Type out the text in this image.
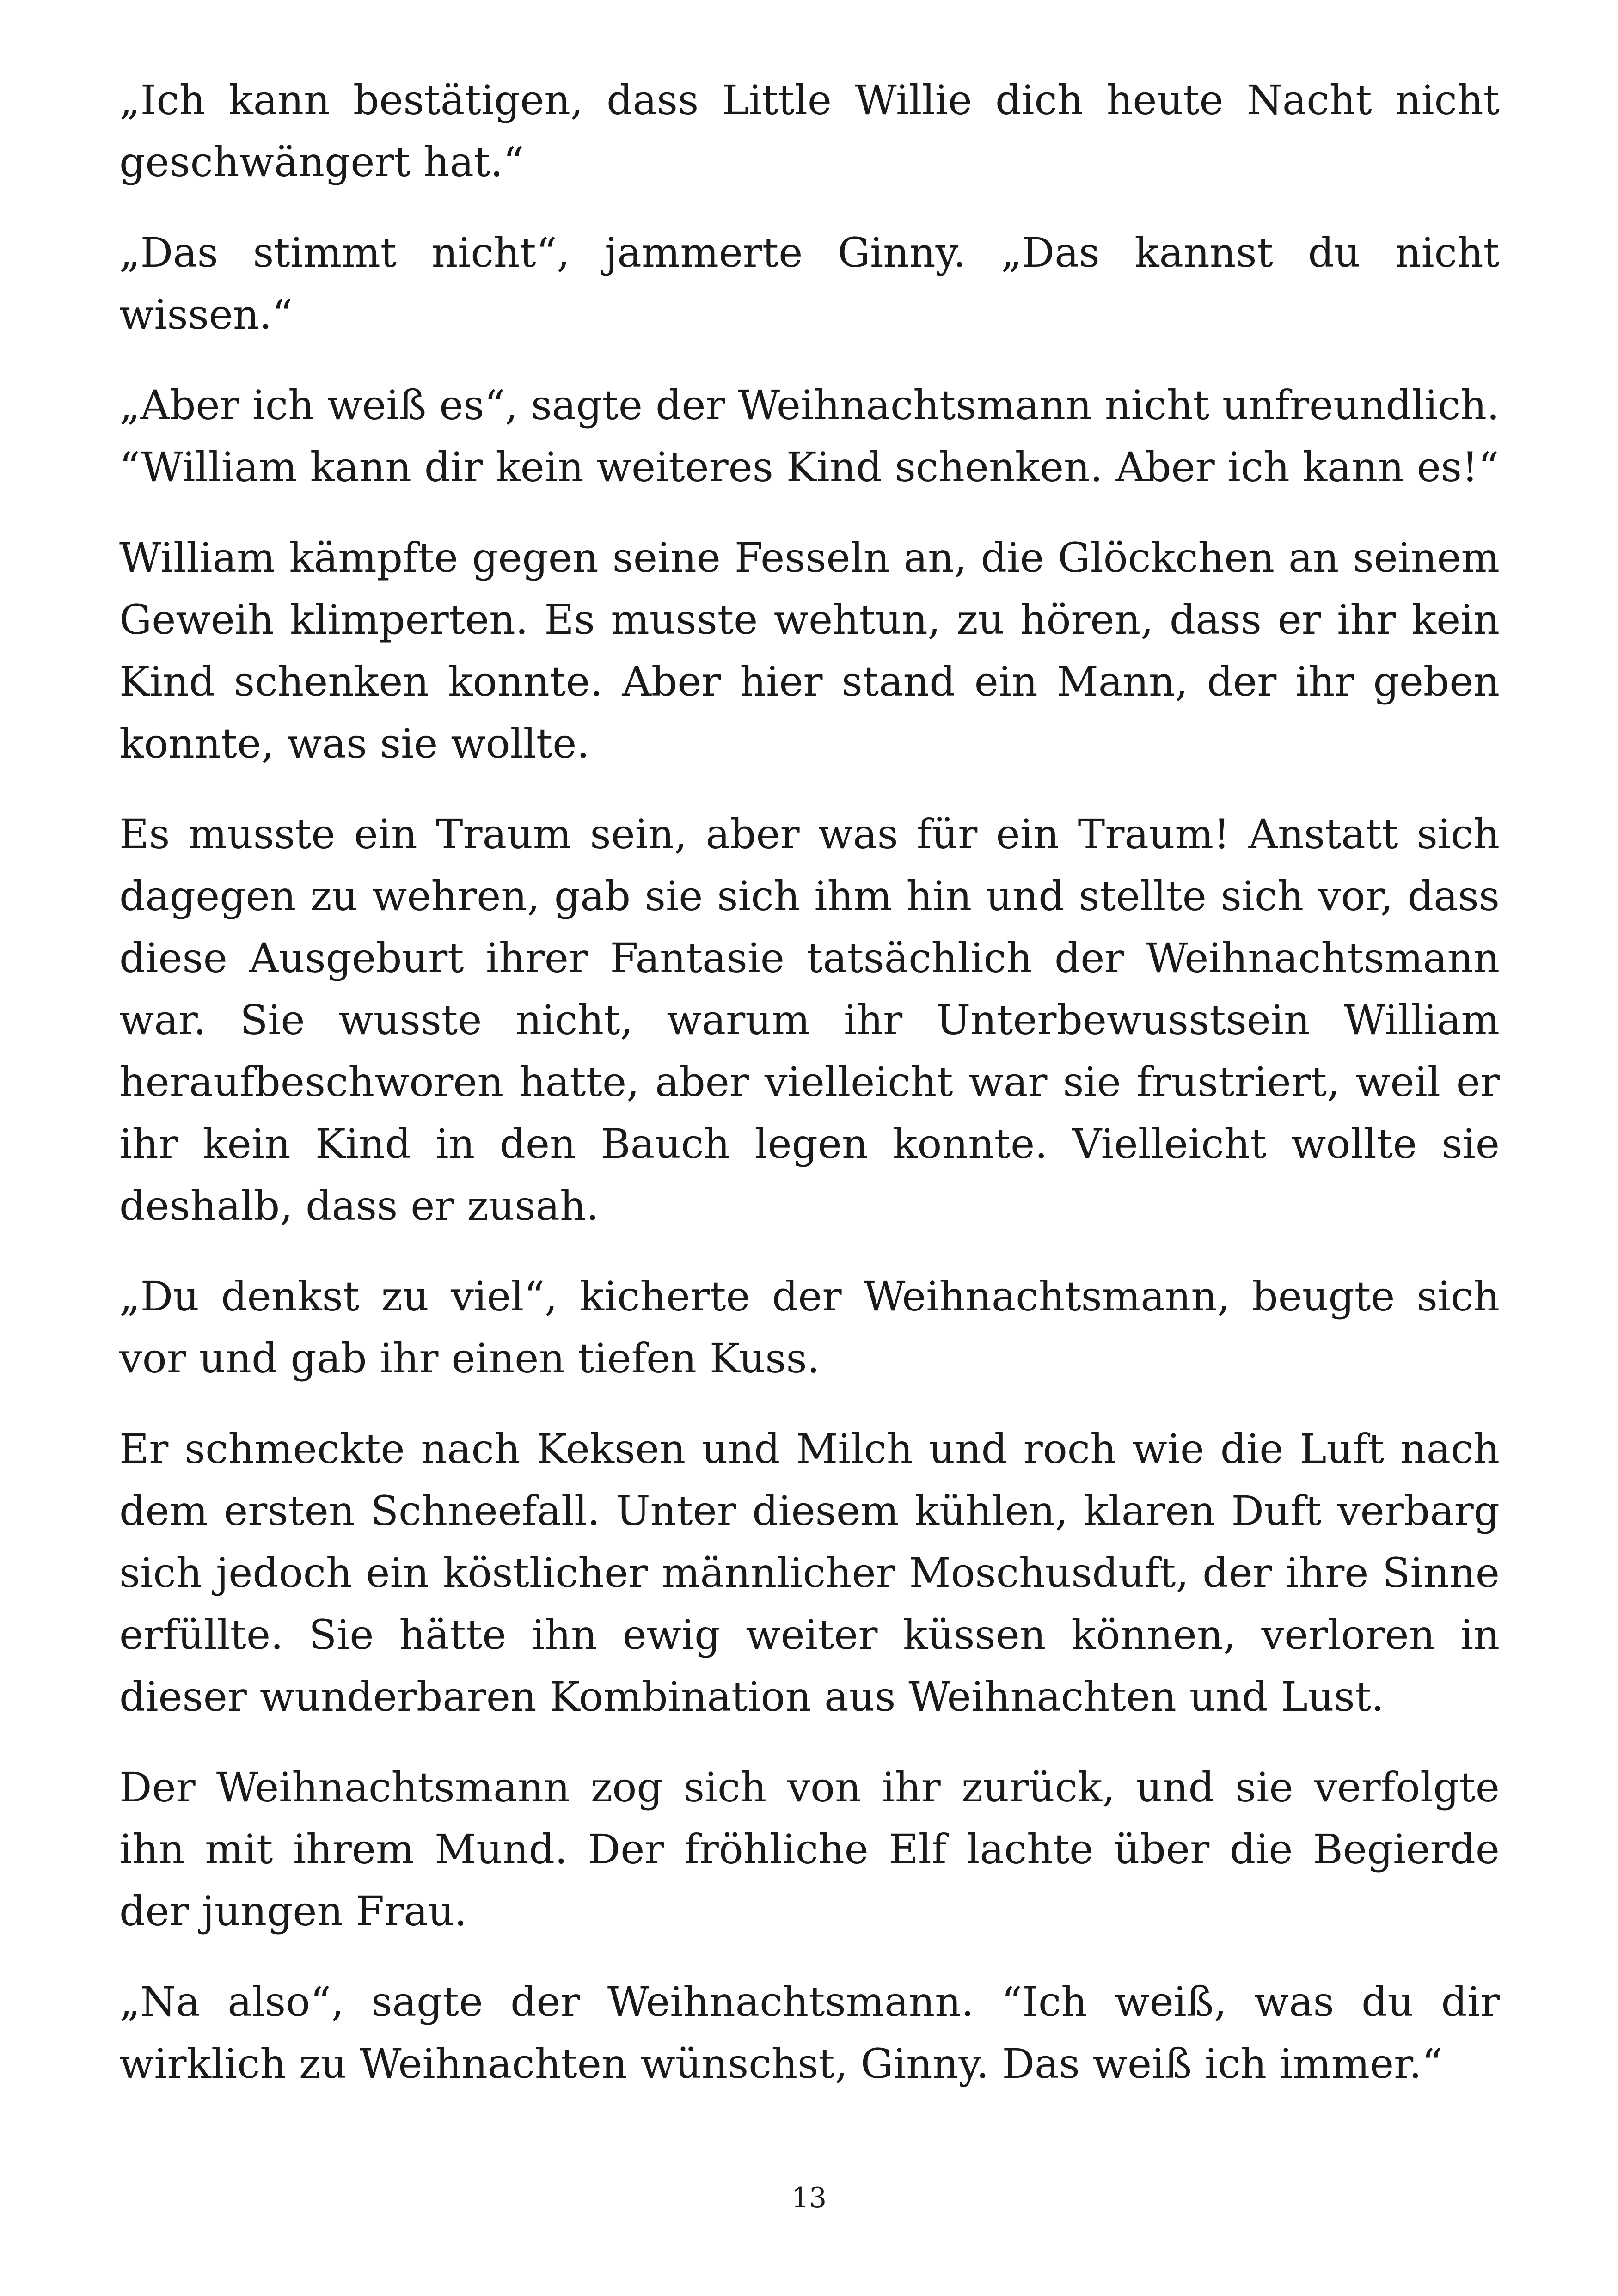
„Ich kann bestätigen, dass Little Willie dich heute Nacht nicht geschwängert hat.“

„Das stimmt nicht“, jammerte Ginny. „Das kannst du nicht wissen.“

„Aber ich weiß es“, sagte der Weihnachtsmann nicht unfreundlich. “William kann dir kein weiteres Kind schenken. Aber ich kann es!“

William kämpfte gegen seine Fesseln an, die Glöckchen an seinem Geweih klimperten. Es musste wehtun, zu hören, dass er ihr kein Kind schenken konnte. Aber hier stand ein Mann, der ihr geben konnte, was sie wollte.

Es musste ein Traum sein, aber was für ein Traum! Anstatt sich dagegen zu wehren, gab sie sich ihm hin und stellte sich vor, dass diese Ausgeburt ihrer Fantasie tatsächlich der Weihnachtsmann war. Sie wusste nicht, warum ihr Unterbewusstsein William heraufbeschworen hatte, aber vielleicht war sie frustriert, weil er ihr kein Kind in den Bauch legen konnte. Vielleicht wollte sie deshalb, dass er zusah.

„Du denkst zu viel“, kicherte der Weihnachtsmann, beugte sich vor und gab ihr einen tiefen Kuss.

Er schmeckte nach Keksen und Milch und roch wie die Luft nach dem ersten Schneefall. Unter diesem kühlen, klaren Duft verbarg sich jedoch ein köstlicher männlicher Moschusduft, der ihre Sinne erfüllte. Sie hätte ihn ewig weiter küssen können, verloren in dieser wunderbaren Kombination aus Weihnachten und Lust.

Der Weihnachtsmann zog sich von ihr zurück, und sie verfolgte ihn mit ihrem Mund. Der fröhliche Elf lachte über die Begierde der jungen Frau.

„Na also“, sagte der Weihnachtsmann. “Ich weiß, was du dir wirklich zu Weihnachten wünschst, Ginny. Das weiß ich immer.“

13
